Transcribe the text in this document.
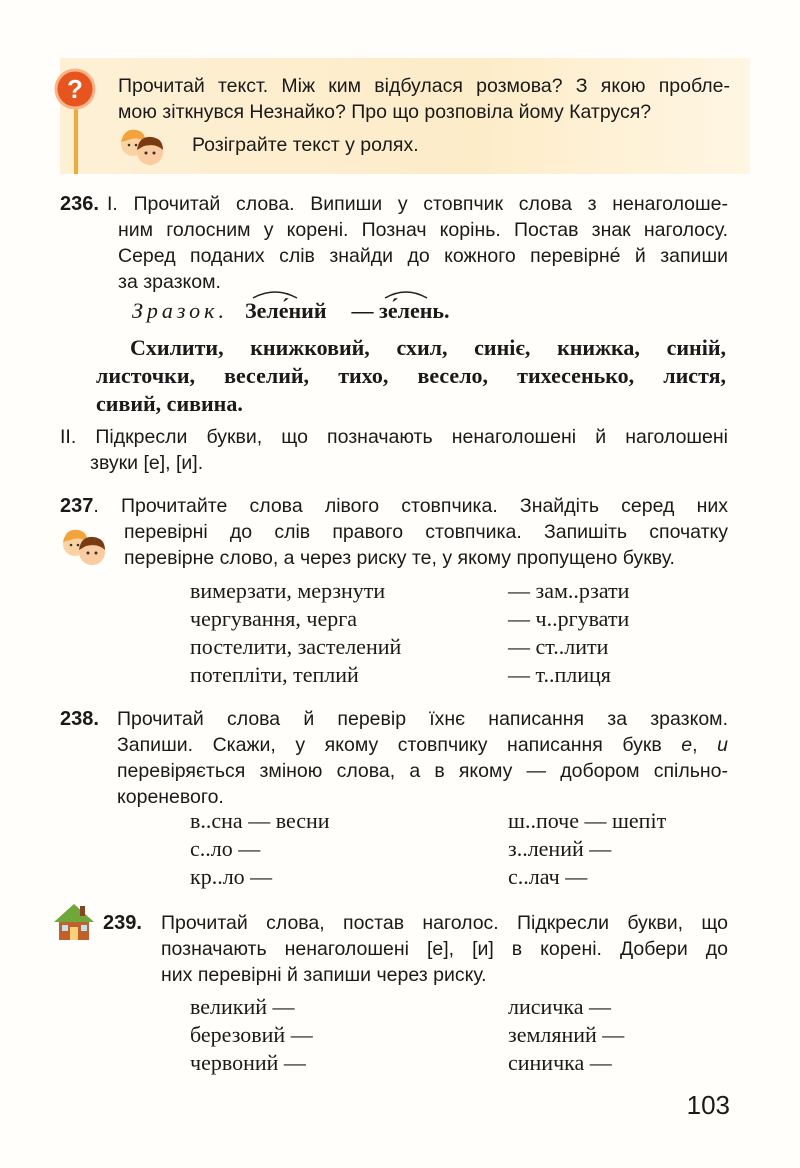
? Прочитай текст. Між ким відбулася розмова? З якою пробле-
мою зіткнувся Незнайко? Про що розповіла йому Катруся?
Розіграйте текст у ролях.
236. І. Прочитай слова. Випиши у стовпчик слова з ненаголоше-
ним голосним у корені. Познач корінь. Постав знак наголосу.
Серед поданих слів знайди до кожного перевірне́ й запиши
за зразком.
Зразок. Зеле́ний — зе́лень.
Схилити, книжковий, схил, синіє, книжка, синій,
листочки, веселий, тихо, весело, тихесенько, листя,
сивий, сивина.
ІІ. Підкресли букви, що позначають ненаголошені й наголошені
звуки [е], [и].
237 . Прочитайте слова лівого стовпчика. Знайдіть серед них
перевірні до слів правого стовпчика. Запишіть спочатку
перевірне слово, а через риску те, у якому пропущено букву.
вимерзати, мерзнути
чергування, черга
постелити, застелений
потепліти, теплий
— зам..рзати
— ч..ргувати
— ст..лити
— т..плиця
238. Прочитай слова й перевір їхнє написання за зразком.
Запиши. Скажи, у якому стовпчику написання букв е, и
перевіряється зміною слова, а в якому — добором спільно-
кореневого.
в..сна — весни
с..ло —
кр..ло —
ш..поче — шепіт
з..лений —
с..лач —
239. Прочитай слова, постав наголос. Підкресли букви, що
позначають ненаголошені [е], [и] в корені. Добери до
них перевірні й запиши через риску.
великий —
березовий —
червоний —
лисичка —
земляний —
синичка —
103
